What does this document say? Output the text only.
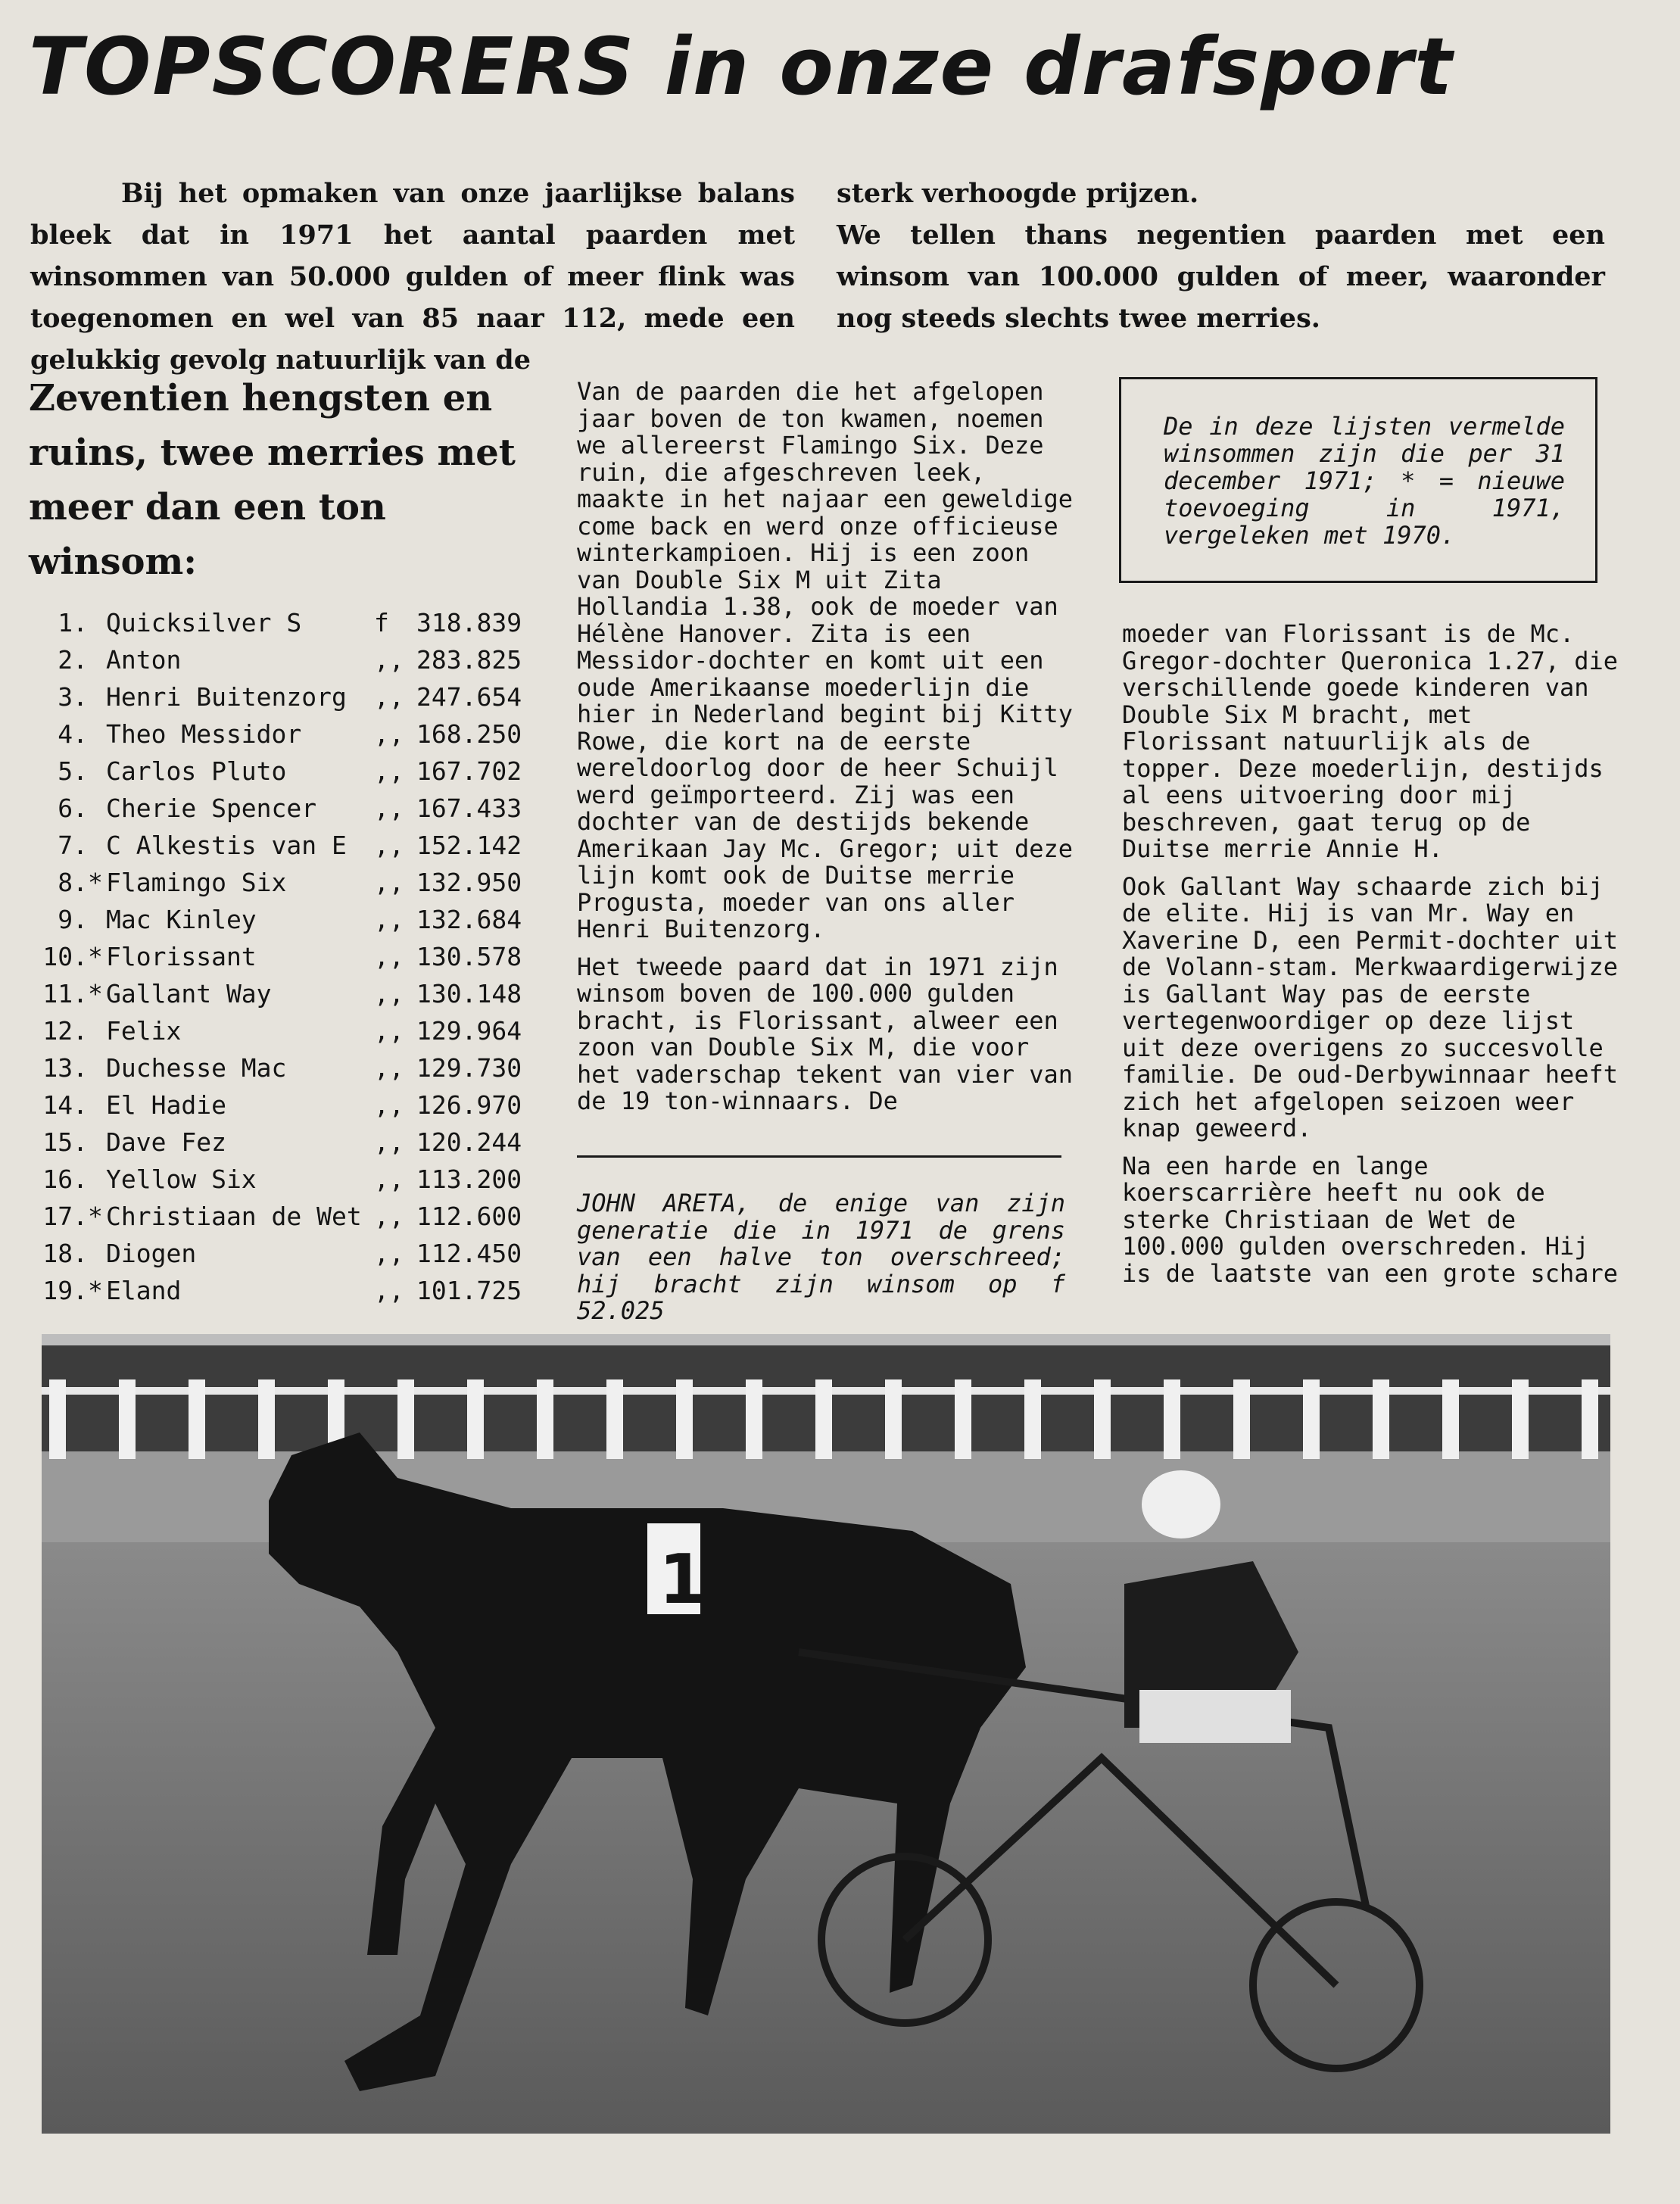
TOPSCORERS in onze drafsport

Bij het opmaken van onze jaarlijkse balans bleek dat in 1971 het aantal paarden met winsommen van 50.000 gulden of meer flink was toegenomen en wel van 85 naar 112, mede een gelukkig gevolg natuurlijk van de

sterk verhoogde prijzen.

We tellen thans negentien paarden met een winsom van 100.000 gulden of meer, waaronder nog steeds slechts twee merries.

Zeventien hengsten en ruins, twee merries met meer dan een ton winsom:
1. Quicksilver S	f	318.839
2. Anton	,, 283.825
3. Henri Buitenzorg	,, 247.654
4. Theo Messidor	,, 168.250
5. Carlos Pluto	,, 167.702
6. Cherie Spencer	,, 167.433
7. C Alkestis van E	,, 152.142
8. * Flamingo Six	,, 132.950
9. Mac Kinley	,, 132.684
10. * Florissant	,, 130.578
11. * Gallant Way	,, 130.148
12. Felix	,, 129.964
13. Duchesse Mac	,, 129.730
14. El Hadie	,, 126.970
15. Dave Fez	,, 120.244
16. Yellow Six	,, 113.200
17. * Christiaan de Wet ,, 112.600
18. Diogen	,, 112.450
19. * Eland	,, 101.725

Van de paarden die het afgelopen jaar boven de ton kwamen, noemen we allereerst Flamingo Six. Deze ruin, die afgeschreven leek, maakte in het najaar een geweldige come back en werd onze officieuse winterkampioen. Hij is een zoon van Double Six M uit Zita Hollandia 1.38, ook de moeder van Hélène Hanover. Zita is een Messidor-dochter en komt uit een oude Amerikaanse moederlijn die hier in Nederland begint bij Kitty Rowe, die kort na de eerste wereldoorlog door de heer Schuijl werd geïmporteerd. Zij was een dochter van de destijds bekende Amerikaan Jay Mc. Gregor; uit deze lijn komt ook de Duitse merrie Progusta, moeder van ons aller Henri Buitenzorg.

Het tweede paard dat in 1971 zijn winsom boven de 100.000 gulden bracht, is Florissant, alweer een zoon van Double Six M, die voor het vaderschap tekent van vier van de 19 ton-winnaars. De

De in deze lijsten vermelde winsommen zijn die per 31 december 1971; * = nieuwe toevoeging in 1971, vergeleken met 1970.

moeder van Florissant is de Mc. Gregor-dochter Queronica 1.27, die verschillende goede kinderen van Double Six M bracht, met Florissant natuurlijk als de topper. Deze moederlijn, destijds al eens uitvoering door mij beschreven, gaat terug op de Duitse merrie Annie H.

Ook Gallant Way schaarde zich bij de elite. Hij is van Mr. Way en Xaverine D, een Permit-dochter uit de Volann-stam. Merkwaardigerwijze is Gallant Way pas de eerste vertegenwoordiger op deze lijst uit deze overigens zo succesvolle familie. De oud-Derbywinnaar heeft zich het afgelopen seizoen weer knap geweerd.

Na een harde en lange koerscarrière heeft nu ook de sterke Christiaan de Wet de 100.000 gulden overschreden. Hij is de laatste van een grote schare

JOHN ARETA, de enige van zijn generatie die in 1971 de grens van een halve ton overschreed; hij bracht zijn winsom op f 52.025
1
